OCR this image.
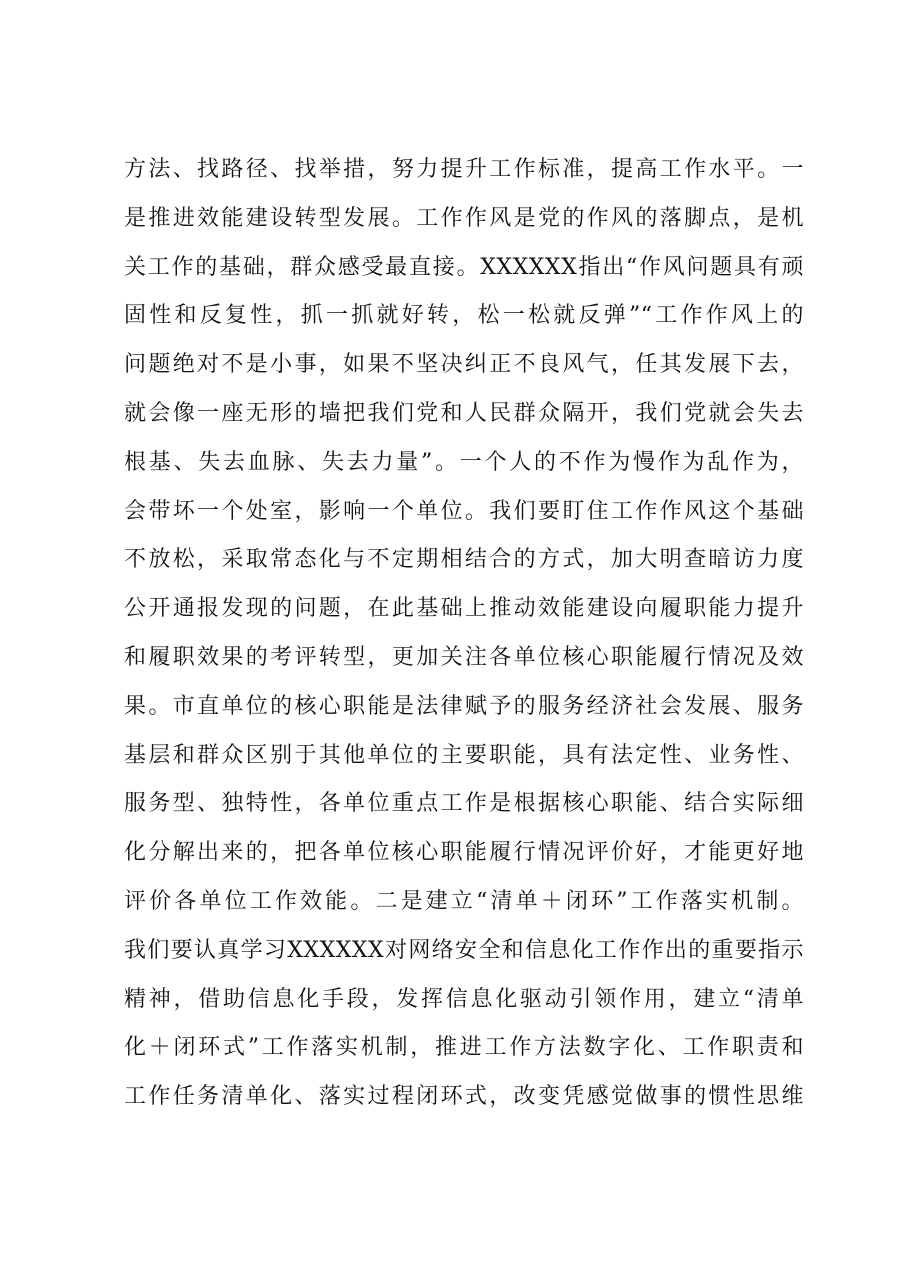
方法、找路径、找举措，努力提升工作标准，提高工作水平。一
是推进效能建设转型发展。工作作风是党的作风的落脚点，是机
关工作的基础，群众感受最直接。XXXXXX指出“作风问题具有顽
固性和反复性，抓一抓就好转，松一松就反弹”“工作作风上的
问题绝对不是小事，如果不坚决纠正不良风气，任其发展下去，
就会像一座无形的墙把我们党和人民群众隔开，我们党就会失去
根基、失去血脉、失去力量”。一个人的不作为慢作为乱作为，
会带坏一个处室，影响一个单位。我们要盯住工作作风这个基础
不放松，采取常态化与不定期相结合的方式，加大明查暗访力度
公开通报发现的问题，在此基础上推动效能建设向履职能力提升
和履职效果的考评转型，更加关注各单位核心职能履行情况及效
果。市直单位的核心职能是法律赋予的服务经济社会发展、服务
基层和群众区别于其他单位的主要职能，具有法定性、业务性、
服务型、独特性，各单位重点工作是根据核心职能、结合实际细
化分解出来的，把各单位核心职能履行情况评价好，才能更好地
评价各单位工作效能。二是建立“清单＋闭环”工作落实机制。
我们要认真学习XXXXXX对网络安全和信息化工作作出的重要指示
精神，借助信息化手段，发挥信息化驱动引领作用，建立“清单
化＋闭环式”工作落实机制，推进工作方法数字化、工作职责和
工作任务清单化、落实过程闭环式，改变凭感觉做事的惯性思维
